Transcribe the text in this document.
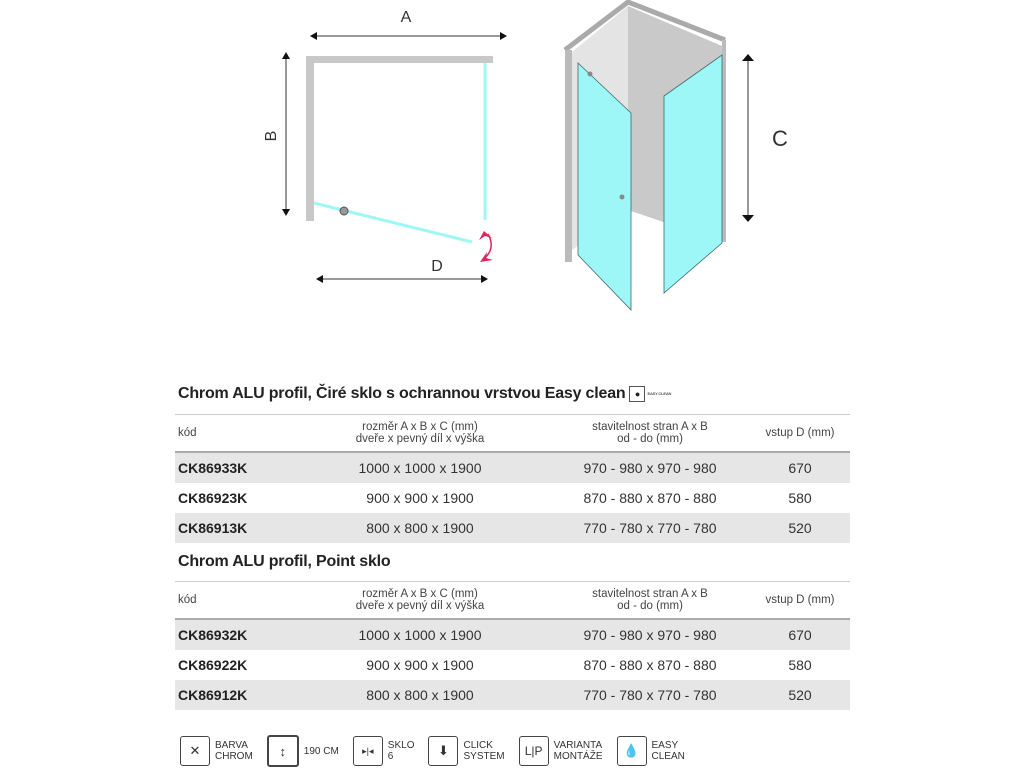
A
B
D
C
Chrom ALU profil, Čiré sklo s ochrannou vrstvou Easy clean	●	EASY CLEAN
kód	rozměr A x B x C (mm)
dveře x pevný díl x výška
stavitelnost stran A x B
od - do (mm)	vstup D (mm)
CK86933K	1000 x 1000 x 1900	970 - 980 x 970 - 980	670
CK86923K	900 x 900 x 1900	870 - 880 x 870 - 880	580
CK86913K	800 x 800 x 1900	770 - 780 x 770 - 780	520
Chrom ALU profil, Point sklo
kód	rozměr A x B x C (mm)
dveře x pevný díl x výška
stavitelnost stran A x B
od - do (mm)	vstup D (mm)
CK86932K	1000 x 1000 x 1900	970 - 980 x 970 - 980	670
CK86922K	900 x 900 x 1900	870 - 880 x 870 - 880	580
CK86912K	800 x 800 x 1900	770 - 780 x 770 - 780	520
✕	BARVA
CHROM	↕	190 CM	▸|◂	SKLO
6	⬇	CLICK
SYSTEM	L|P	VARIANTA
MONTÁŽE	💧	EASY
CLEAN
